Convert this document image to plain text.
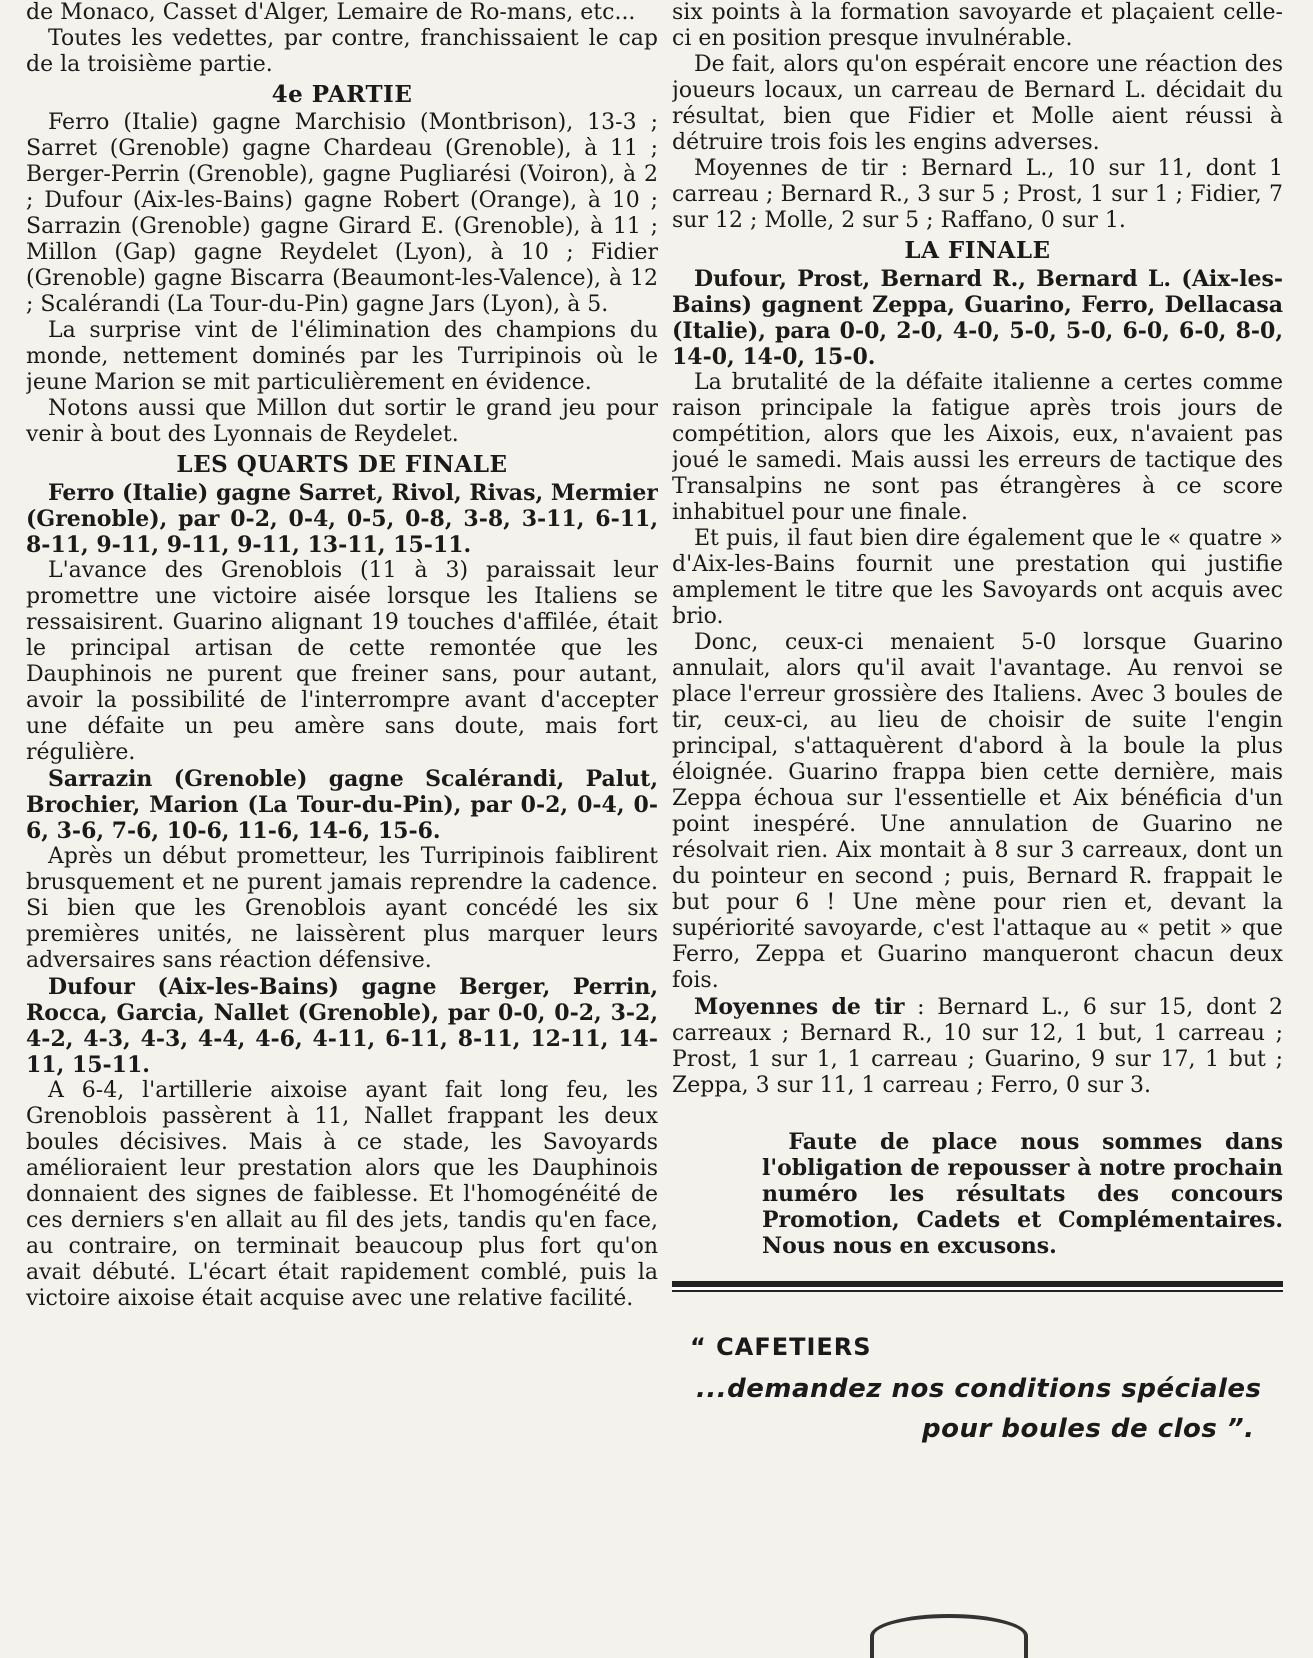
de Monaco, Casset d'Alger, Lemaire de Ro-mans, etc...

Toutes les vedettes, par contre, franchissaient le cap de la troisième partie.

4e PARTIE

Ferro (Italie) gagne Marchisio (Montbrison), 13-3 ; Sarret (Grenoble) gagne Chardeau (Grenoble), à 11 ; Berger-Perrin (Grenoble), gagne Pugliarési (Voiron), à 2 ; Dufour (Aix-les-Bains) gagne Robert (Orange), à 10 ; Sarrazin (Grenoble) gagne Girard E. (Grenoble), à 11 ; Millon (Gap) gagne Reydelet (Lyon), à 10 ; Fidier (Grenoble) gagne Biscarra (Beaumont-les-Valence), à 12 ; Scalérandi (La Tour-du-Pin) gagne Jars (Lyon), à 5.

La surprise vint de l'élimination des champions du monde, nettement dominés par les Turripinois où le jeune Marion se mit particulièrement en évidence.

Notons aussi que Millon dut sortir le grand jeu pour venir à bout des Lyonnais de Reydelet.

LES QUARTS DE FINALE

Ferro (Italie) gagne Sarret, Rivol, Rivas, Mermier (Grenoble), par 0-2, 0-4, 0-5, 0-8, 3-8, 3-11, 6-11, 8-11, 9-11, 9-11, 9-11, 13-11, 15-11.

L'avance des Grenoblois (11 à 3) paraissait leur promettre une victoire aisée lorsque les Italiens se ressaisirent. Guarino alignant 19 touches d'affilée, était le principal artisan de cette remontée que les Dauphinois ne purent que freiner sans, pour autant, avoir la possibilité de l'interrompre avant d'accepter une défaite un peu amère sans doute, mais fort régulière.

Sarrazin (Grenoble) gagne Scalérandi, Palut, Brochier, Marion (La Tour-du-Pin), par 0-2, 0-4, 0-6, 3-6, 7-6, 10-6, 11-6, 14-6, 15-6.

Après un début prometteur, les Turripinois faiblirent brusquement et ne purent jamais reprendre la cadence. Si bien que les Grenoblois ayant concédé les six premières unités, ne laissèrent plus marquer leurs adversaires sans réaction défensive.

Dufour (Aix-les-Bains) gagne Berger, Perrin, Rocca, Garcia, Nallet (Grenoble), par 0-0, 0-2, 3-2, 4-2, 4-3, 4-3, 4-4, 4-6, 4-11, 6-11, 8-11, 12-11, 14-11, 15-11.

A 6-4, l'artillerie aixoise ayant fait long feu, les Grenoblois passèrent à 11, Nallet frappant les deux boules décisives. Mais à ce stade, les Savoyards amélioraient leur prestation alors que les Dauphinois donnaient des signes de faiblesse. Et l'homogénéité de ces derniers s'en allait au fil des jets, tandis qu'en face, au contraire, on terminait beaucoup plus fort qu'on avait débuté. L'écart était rapidement comblé, puis la victoire aixoise était acquise avec une relative facilité.

six points à la formation savoyarde et plaçaient celle-ci en position presque invulnérable.

De fait, alors qu'on espérait encore une réaction des joueurs locaux, un carreau de Bernard L. décidait du résultat, bien que Fidier et Molle aient réussi à détruire trois fois les engins adverses.

Moyennes de tir : Bernard L., 10 sur 11, dont 1 carreau ; Bernard R., 3 sur 5 ; Prost, 1 sur 1 ; Fidier, 7 sur 12 ; Molle, 2 sur 5 ; Raffano, 0 sur 1.

LA FINALE

Dufour, Prost, Bernard R., Bernard L. (Aix-les-Bains) gagnent Zeppa, Guarino, Ferro, Dellacasa (Italie), para 0-0, 2-0, 4-0, 5-0, 5-0, 6-0, 6-0, 8-0, 14-0, 14-0, 15-0.

La brutalité de la défaite italienne a certes comme raison principale la fatigue après trois jours de compétition, alors que les Aixois, eux, n'avaient pas joué le samedi. Mais aussi les erreurs de tactique des Transalpins ne sont pas étrangères à ce score inhabituel pour une finale.

Et puis, il faut bien dire également que le « quatre » d'Aix-les-Bains fournit une prestation qui justifie amplement le titre que les Savoyards ont acquis avec brio.

Donc, ceux-ci menaient 5-0 lorsque Guarino annulait, alors qu'il avait l'avantage. Au renvoi se place l'erreur grossière des Italiens. Avec 3 boules de tir, ceux-ci, au lieu de choisir de suite l'engin principal, s'attaquèrent d'abord à la boule la plus éloignée. Guarino frappa bien cette dernière, mais Zeppa échoua sur l'essentielle et Aix bénéficia d'un point inespéré. Une annulation de Guarino ne résolvait rien. Aix montait à 8 sur 3 carreaux, dont un du pointeur en second ; puis, Bernard R. frappait le but pour 6 ! Une mène pour rien et, devant la supériorité savoyarde, c'est l'attaque au « petit » que Ferro, Zeppa et Guarino manqueront chacun deux fois.

Moyennes de tir : Bernard L., 6 sur 15, dont 2 carreaux ; Bernard R., 10 sur 12, 1 but, 1 carreau ; Prost, 1 sur 1, 1 carreau ; Guarino, 9 sur 17, 1 but ; Zeppa, 3 sur 11, 1 carreau ; Ferro, 0 sur 3.

Faute de place nous sommes dans l'obligation de repousser à notre prochain numéro les résultats des concours Promotion, Cadets et Complémentaires. Nous nous en excusons.

“ CAFETIERS
...demandez nos conditions spéciales
pour boules de clos ”.
